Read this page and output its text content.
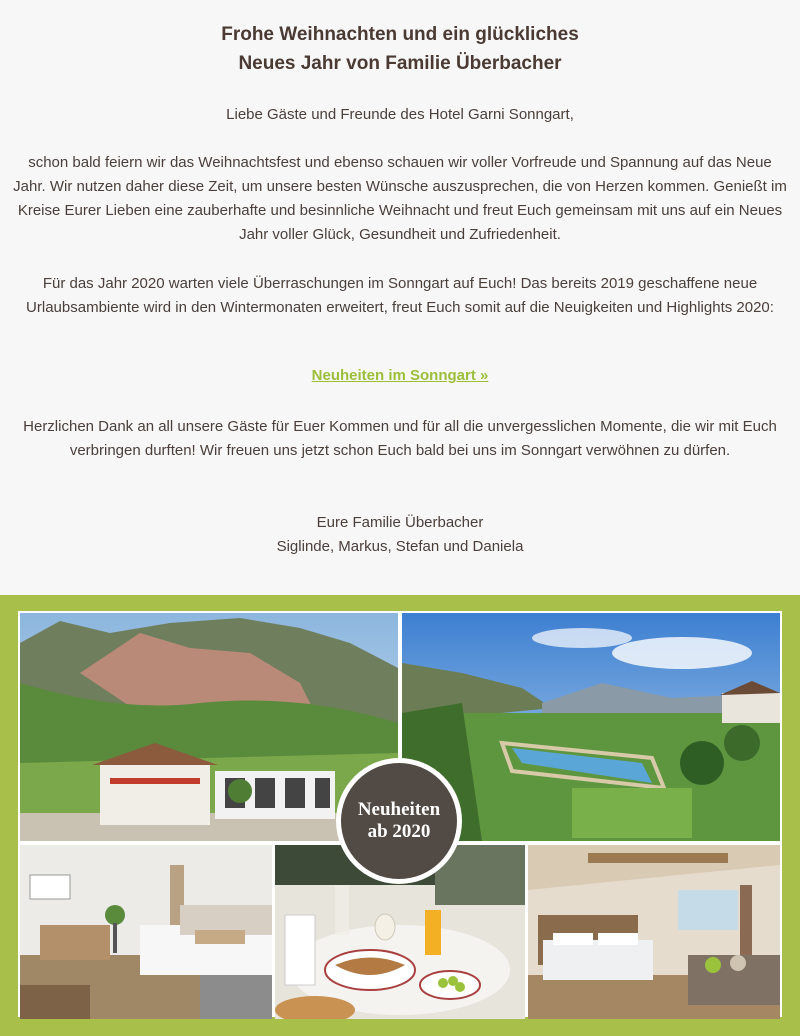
Frohe Weihnachten und ein glückliches
Neues Jahr von Familie Überbacher
Liebe Gäste und Freunde des Hotel Garni Sonngart,
schon bald feiern wir das Weihnachtsfest und ebenso schauen wir voller Vorfreude und Spannung auf das Neue Jahr. Wir nutzen daher diese Zeit, um unsere besten Wünsche auszusprechen, die von Herzen kommen. Genießt im Kreise Eurer Lieben eine zauberhafte und besinnliche Weihnacht und freut Euch gemeinsam mit uns auf ein Neues Jahr voller Glück, Gesundheit und Zufriedenheit.
Für das Jahr 2020 warten viele Überraschungen im Sonngart auf Euch! Das bereits 2019 geschaffene neue Urlaubsambiente wird in den Wintermonaten erweitert, freut Euch somit auf die Neuigkeiten und Highlights 2020:
Neuheiten im Sonngart »
Herzlichen Dank an all unsere Gäste für Euer Kommen und für all die unvergesslichen Momente, die wir mit Euch verbringen durften! Wir freuen uns jetzt schon Euch bald bei uns im Sonngart verwöhnen zu dürfen.
Eure Familie Überbacher
Siglinde, Markus, Stefan und Daniela
Neuheiten
ab 2020
